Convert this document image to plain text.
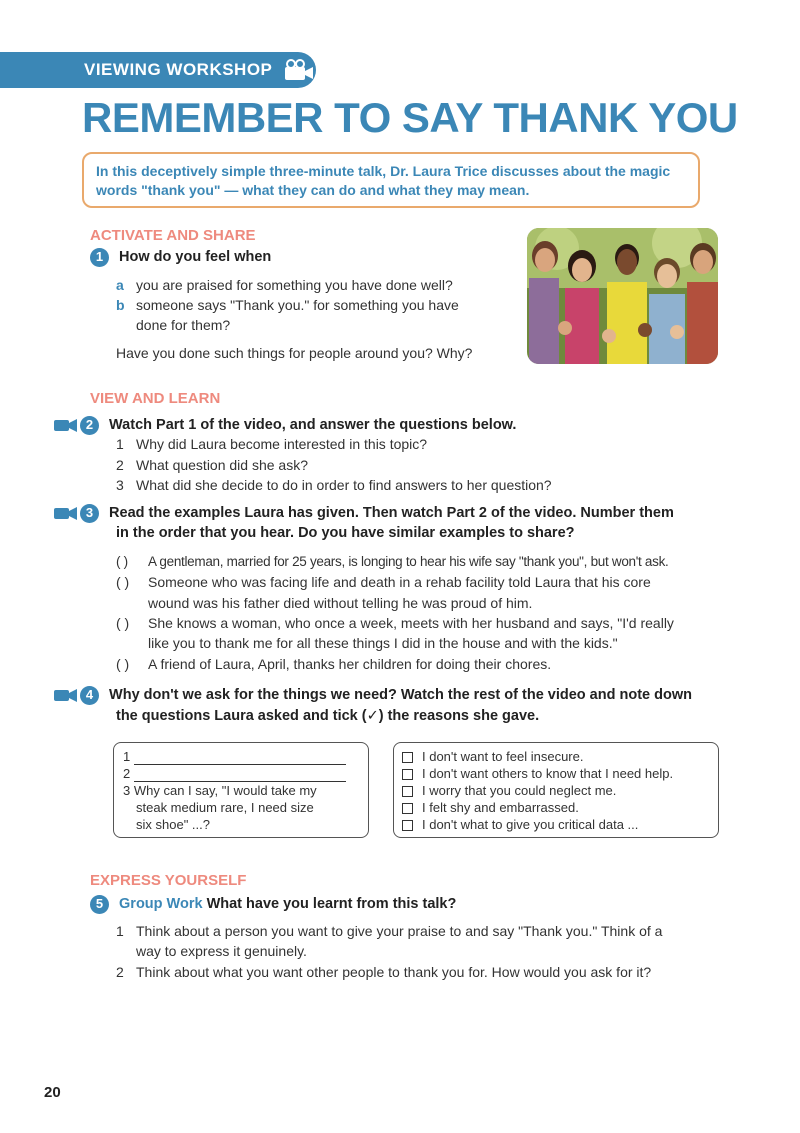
VIEWING WORKSHOP
REMEMBER TO SAY THANK YOU
In this deceptively simple three-minute talk, Dr. Laura Trice discusses about the magic words "thank you" — what they can do and what they may mean.
ACTIVATE AND SHARE
1 How do you feel when
a you are praised for something you have done well?
b someone says "Thank you." for something you have
done for them?
Have you done such things for people around you? Why?
VIEW AND LEARN
2 Watch Part 1 of the video, and answer the questions below.
1 Why did Laura become interested in this topic?
2 What question did she ask?
3 What did she decide to do in order to find answers to her question?
3 Read the examples Laura has given. Then watch Part 2 of the video. Number them
in the order that you hear. Do you have similar examples to share?
( ) A gentleman, married for 25 years, is longing to hear his wife say "thank you", but won't ask.
( ) Someone who was facing life and death in a rehab facility told Laura that his core
wound was his father died without telling he was proud of him.
( ) She knows a woman, who once a week, meets with her husband and says, "I'd really
like you to thank me for all these things I did in the house and with the kids."
( ) A friend of Laura, April, thanks her children for doing their chores.
4 Why don't we ask for the things we need? Watch the rest of the video and note down
the questions Laura asked and tick (✓) the reasons she gave.
1
2
3 Why can I say, "I would take my
steak medium rare, I need size
six shoe" ...?
I don't want to feel insecure.
I don't want others to know that I need help.
I worry that you could neglect me.
I felt shy and embarrassed.
I don't what to give you critical data ...
EXPRESS YOURSELF
5 Group Work What have you learnt from this talk?
1 Think about a person you want to give your praise to and say "Thank you." Think of a
way to express it genuinely.
2 Think about what you want other people to thank you for. How would you ask for it?
20
